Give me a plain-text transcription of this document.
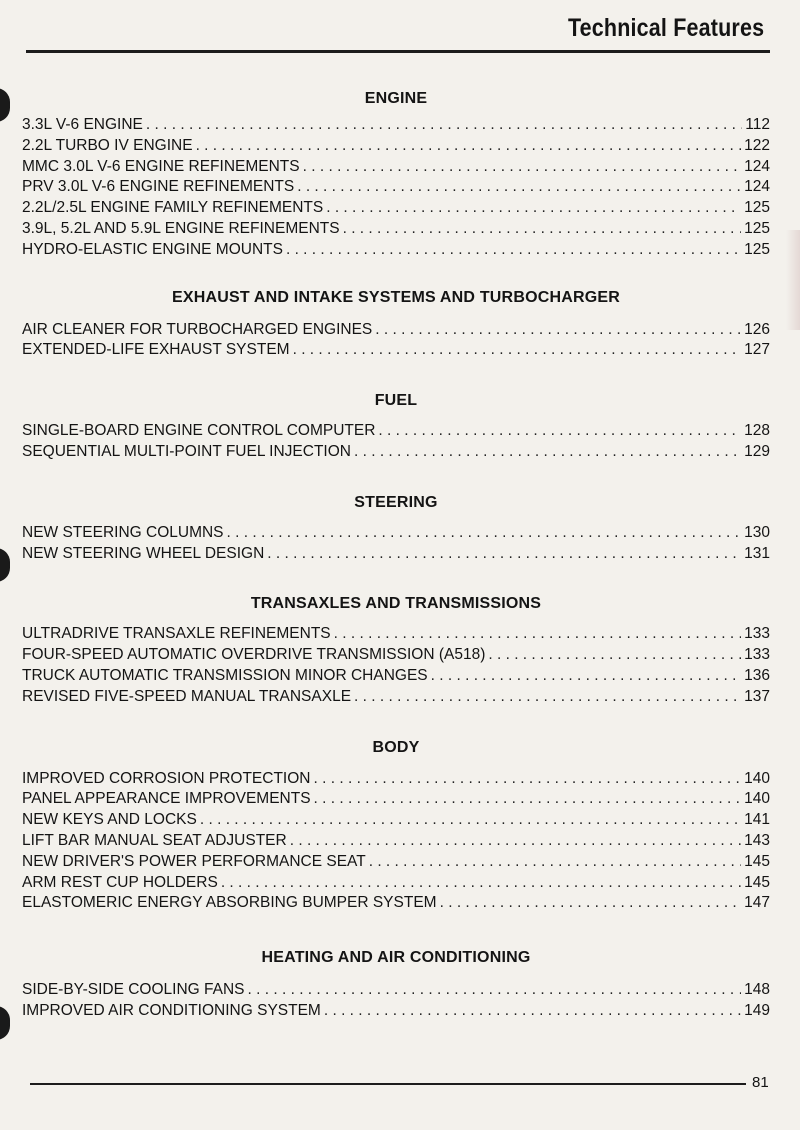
Technical Features
ENGINE
3.3L V-6 ENGINE . . .	112
2.2L TURBO IV ENGINE . . .	122
MMC 3.0L V-6 ENGINE REFINEMENTS . . .	124
PRV 3.0L V-6 ENGINE REFINEMENTS . . .	124
2.2L/2.5L ENGINE FAMILY REFINEMENTS . . .	125
3.9L, 5.2L AND 5.9L ENGINE REFINEMENTS . . .	125
HYDRO-ELASTIC ENGINE MOUNTS . . .	125
EXHAUST AND INTAKE SYSTEMS AND TURBOCHARGER
AIR CLEANER FOR TURBOCHARGED ENGINES . . .	126
EXTENDED-LIFE EXHAUST SYSTEM . . .	127
FUEL
SINGLE-BOARD ENGINE CONTROL COMPUTER . . .	128
SEQUENTIAL MULTI-POINT FUEL INJECTION . . .	129
STEERING
NEW STEERING COLUMNS . . .	130
NEW STEERING WHEEL DESIGN . . .	131
TRANSAXLES AND TRANSMISSIONS
ULTRADRIVE TRANSAXLE REFINEMENTS . . .	133
FOUR-SPEED AUTOMATIC OVERDRIVE TRANSMISSION (A518) . . .	133
TRUCK AUTOMATIC TRANSMISSION MINOR CHANGES . . .	136
REVISED FIVE-SPEED MANUAL TRANSAXLE . . .	137
BODY
IMPROVED CORROSION PROTECTION . . .	140
PANEL APPEARANCE IMPROVEMENTS . . .	140
NEW KEYS AND LOCKS . . .	141
LIFT BAR MANUAL SEAT ADJUSTER . . .	143
NEW DRIVER'S POWER PERFORMANCE SEAT . . .	145
ARM REST CUP HOLDERS . . .	145
ELASTOMERIC ENERGY ABSORBING BUMPER SYSTEM . . .	147
HEATING AND AIR CONDITIONING
SIDE-BY-SIDE COOLING FANS . . .	148
IMPROVED AIR CONDITIONING SYSTEM . . .	149
81
